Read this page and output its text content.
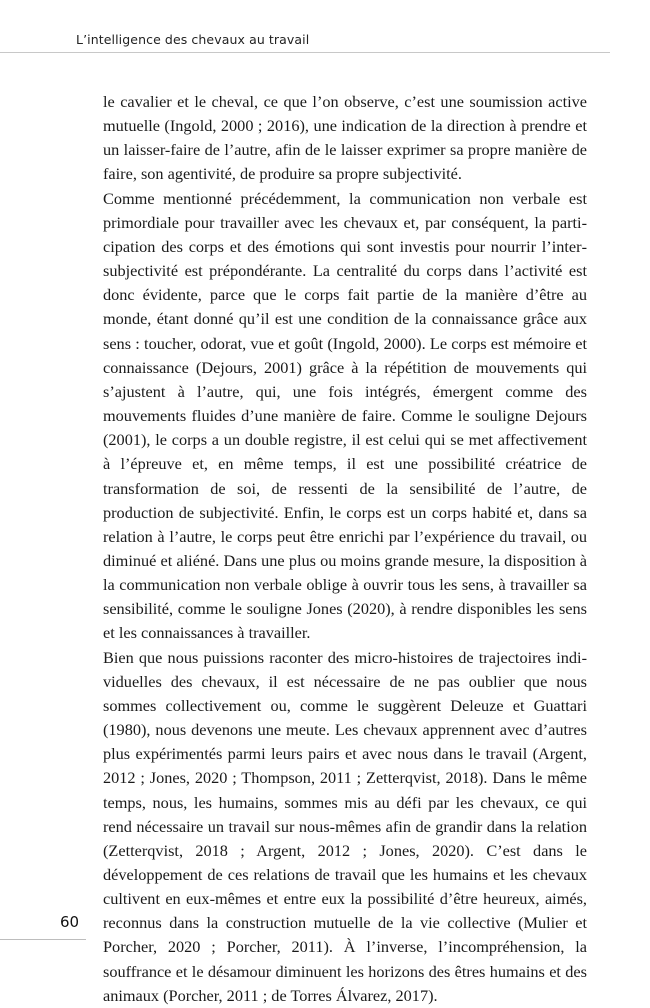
L’intelligence des chevaux au travail

le cavalier et le cheval, ce que l’on observe, c’est une soumission active mutuelle (Ingold, 2000 ; 2016), une indication de la direction à prendre et un laisser-faire de l’autre, afin de le laisser exprimer sa propre manière de faire, son agentivité, de produire sa propre subjectivité.

Comme mentionné précédemment, la communication non verbale est primordiale pour travailler avec les chevaux et, par conséquent, la participation des corps et des émotions qui sont investis pour nourrir l’intersubjectivité est prépondérante. La centralité du corps dans l’activité est donc évidente, parce que le corps fait partie de la manière d’être au monde, étant donné qu’il est une condition de la connaissance grâce aux sens : toucher, odorat, vue et goût (Ingold, 2000). Le corps est mémoire et connaissance (Dejours, 2001) grâce à la répétition de mouvements qui s’ajustent à l’autre, qui, une fois intégrés, émergent comme des mouvements fluides d’une manière de faire. Comme le souligne Dejours (2001), le corps a un double registre, il est celui qui se met affectivement à l’épreuve et, en même temps, il est une possibilité créatrice de transformation de soi, de ressenti de la sensibilité de l’autre, de production de subjectivité. Enfin, le corps est un corps habité et, dans sa relation à l’autre, le corps peut être enrichi par l’expérience du travail, ou diminué et aliéné. Dans une plus ou moins grande mesure, la disposition à la communication non verbale oblige à ouvrir tous les sens, à travailler sa sensibilité, comme le souligne Jones (2020), à rendre disponibles les sens et les connaissances à travailler.

Bien que nous puissions raconter des micro-histoires de trajectoires individuelles des chevaux, il est nécessaire de ne pas oublier que nous sommes collectivement ou, comme le suggèrent Deleuze et Guattari (1980), nous devenons une meute. Les chevaux apprennent avec d’autres plus expérimentés parmi leurs pairs et avec nous dans le travail (Argent, 2012 ; Jones, 2020 ; Thompson, 2011 ; Zetterqvist, 2018). Dans le même temps, nous, les humains, sommes mis au défi par les chevaux, ce qui rend nécessaire un travail sur nous-mêmes afin de grandir dans la relation (Zetterqvist, 2018 ; Argent, 2012 ; Jones, 2020). C’est dans le développement de ces relations de travail que les humains et les chevaux cultivent en eux-mêmes et entre eux la possibilité d’être heureux, aimés, reconnus dans la construction mutuelle de la vie collective (Mulier et Porcher, 2020 ; Porcher, 2011). À l’inverse, l’incompréhension, la souffrance et le désamour diminuent les horizons des êtres humains et des animaux (Porcher, 2011 ; de Torres Álvarez, 2017).

60
